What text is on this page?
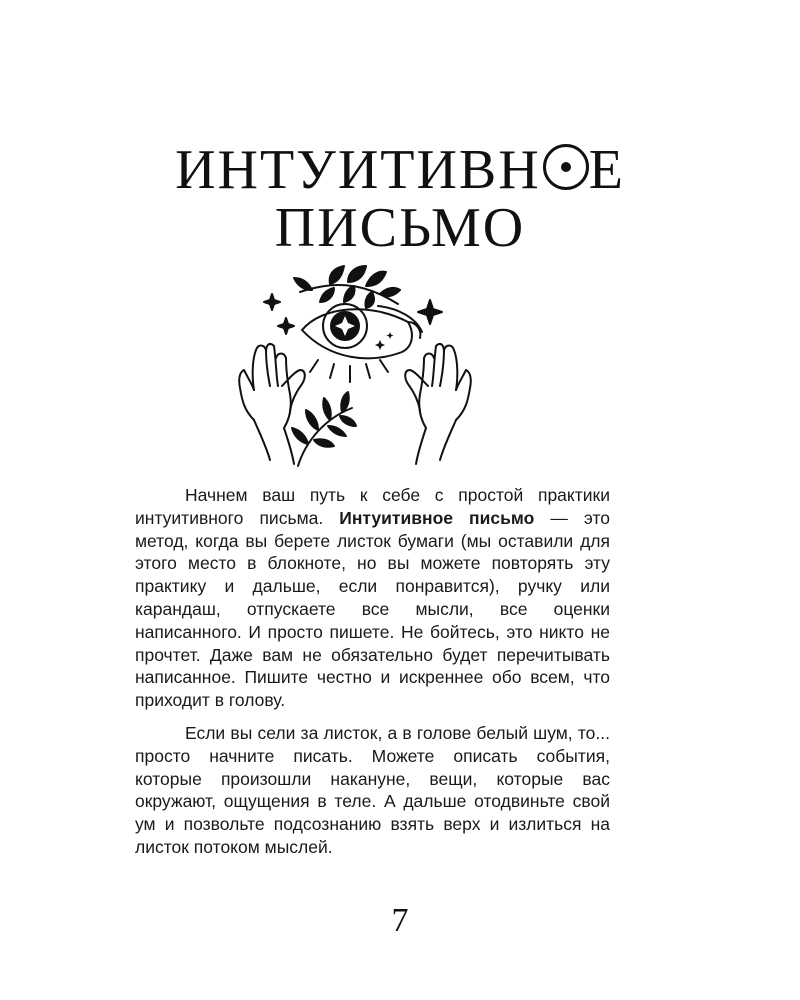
ИНТУИТИВН Е
ПИСЬМО

Начнем ваш путь к себе с простой практики интуитивного письма. Интуитивное письмо — это метод, когда вы берете листок бумаги (мы оставили для этого место в блокноте, но вы можете повторять эту практику и дальше, если понравится), ручку или карандаш, отпускаете все мысли, все оценки написанного. И просто пишете. Не бойтесь, это никто не прочтет. Даже вам не обязательно будет перечитывать написанное. Пишите честно и искреннее обо всем, что приходит в голову.

Если вы сели за листок, а в голове белый шум, то... просто начните писать. Можете описать события, которые произошли накануне, вещи, которые вас окружают, ощущения в теле. А дальше отодвиньте свой ум и позвольте подсознанию взять верх и излиться на листок потоком мыслей.

7
